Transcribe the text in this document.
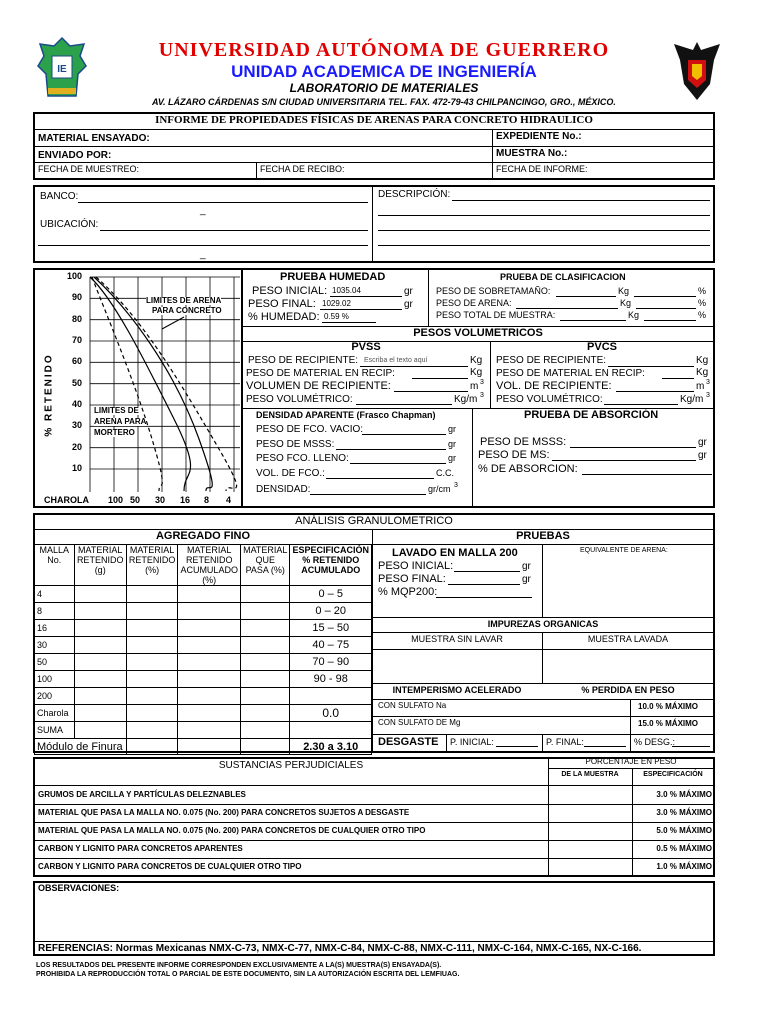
IE
UNIVERSIDAD AUTÓNOMA DE GUERRERO
UNIDAD ACADEMICA DE INGENIERÍA
LABORATORIO DE MATERIALES
AV. LÁZARO CÁRDENAS S/N CIUDAD UNIVERSITARIA TEL. FAX. 472-79-43 CHILPANCINGO, GRO., MÉXICO.
INFORME DE PROPIEDADES FÍSICAS DE ARENAS PARA CONCRETO HIDRAULICO
MATERIAL ENSAYADO:	EXPEDIENTE No.:
ENVIADO POR:	MUESTRA No.:
FECHA DE MUESTREO:	FECHA DE RECIBO:	FECHA DE INFORME:
BANCO:
_
UBICACIÓN:
_
DESCRIPCIÓN:
% RETENIDO
100
90
80
70
60
50
40
30
20
10
CHAROLA 100 50 30 16 8 4
LIMITES DE ARENA
PARA CONCRETO
LIMITES DE
ARENA PARA
MORTERO
PRUEBA HUMEDAD
PESO INICIAL: 1035.04	gr
PESO FINAL: 1029.02	gr
% HUMEDAD: 0.59 %
PRUEBA DE CLASIFICACION
PESO DE SOBRETAMAÑO:	Kg	%
PESO DE ARENA:	Kg	%
PESO TOTAL DE MUESTRA:	Kg	%
PESOS VOLUMETRICOS
PVSS	PVCS
PESO DE RECIPIENTE: Escriba el texto aquí	Kg
PESO DE MATERIAL EN RECIP:	Kg
VOLUMEN DE RECIPIENTE:	m 3
PESO VOLUMÉTRICO:	Kg/m 3
PESO DE RECIPIENTE:	Kg
PESO DE MATERIAL EN RECIP:	Kg
VOL. DE RECIPIENTE:	m 3
PESO VOLUMÉTRICO:	Kg/m 3
DENSIDAD APARENTE (Frasco Chapman)
PESO DE FCO. VACIO:	gr
PESO DE MSSS:	gr
PESO FCO. LLENO:	gr
VOL. DE FCO.:	C.C.
DENSIDAD:	gr/cm 3
PRUEBA DE ABSORCIÓN
PESO DE MSSS:	gr
PESO DE MS:	gr
% DE ABSORCION:
ANÁLISIS GRANULOMETRICO
AGREGADO FINO	PRUEBAS
MALLA No.	MATERIAL RETENIDO (g)	MATERIAL RETENIDO (%)	MATERIAL RETENIDO ACUMULADO (%)	MATERIAL QUE PASA (%)	ESPECIFICACIÓN % RETENIDO ACUMULADO
4					0 – 5
8					0 – 20
16					15 – 50
30					40 – 75
50					70 – 90
100					90 - 98
200					
Charola					0.0
SUMA					
Módulo de Finura					2.30 a 3.10
LAVADO EN MALLA 200
PESO INICIAL:	gr
PESO FINAL:	gr
% MQP200:
EQUIVALENTE DE ARENA:
IMPUREZAS ORGANICAS
MUESTRA SIN LAVAR	MUESTRA LAVADA
INTEMPERISMO ACELERADO	% PERDIDA EN PESO
CON SULFATO Na	10.0 % MÁXIMO
CON SULFATO DE Mg	15.0 % MÁXIMO
DESGASTE P. INICIAL:	P. FINAL:	% DESG.:
SUSTANCIAS PERJUDICIALES	PORCENTAJE EN PESO
DE LA MUESTRA	ESPECIFICACIÓN
GRUMOS DE ARCILLA Y PARTÍCULAS DELEZNABLES	3.0 % MÁXIMO
MATERIAL QUE PASA LA MALLA NO. 0.075 (No. 200) PARA CONCRETOS SUJETOS A DESGASTE	3.0 % MÁXIMO
MATERIAL QUE PASA LA MALLA NO. 0.075 (No. 200) PARA CONCRETOS DE CUALQUIER OTRO TIPO	5.0 % MÁXIMO
CARBON Y LIGNITO PARA CONCRETOS APARENTES	0.5 % MÁXIMO
CARBON Y LIGNITO PARA CONCRETOS DE CUALQUIER OTRO TIPO	1.0 % MÁXIMO
OBSERVACIONES:
REFERENCIAS: Normas Mexicanas NMX-C-73, NMX-C-77, NMX-C-84, NMX-C-88, NMX-C-111, NMX-C-164, NMX-C-165, NX-C-166.
LOS RESULTADOS DEL PRESENTE INFORME CORRESPONDEN EXCLUSIVAMENTE A LA(S) MUESTRA(S) ENSAYADA(S).
PROHIBIDA LA REPRODUCCIÓN TOTAL O PARCIAL DE ESTE DOCUMENTO, SIN LA AUTORIZACIÓN ESCRITA DEL LEMFIUAG.
